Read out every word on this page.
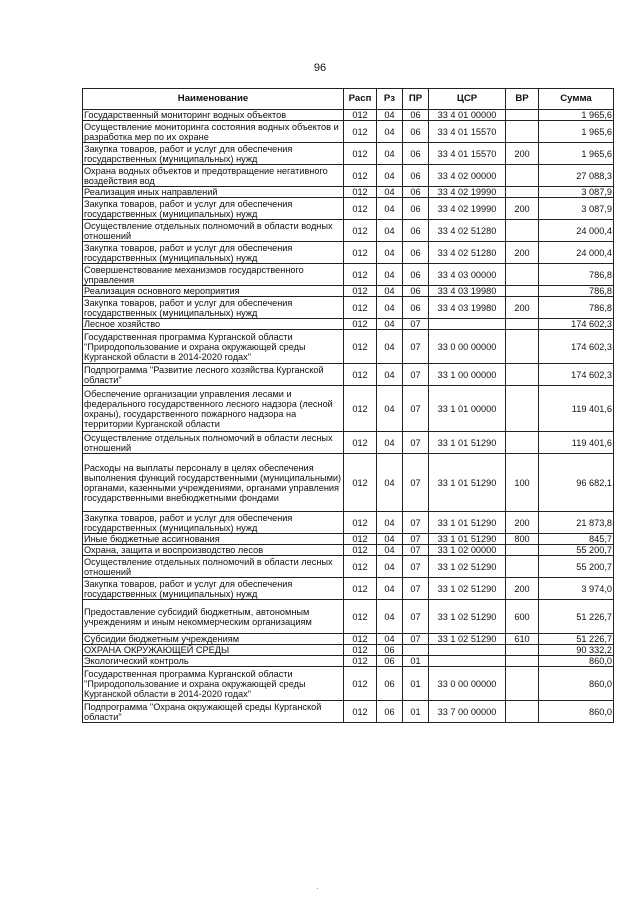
96
Наименование	Расп	Рз	ПР	ЦСР	ВР	Сумма
Государственный мониторинг водных объектов	012	04	06	33 4 01 00000		1 965,6
Осуществление мониторинга состояния водных объектов и разработка мер по их охране	012	04	06	33 4 01 15570		1 965,6
Закупка товаров, работ и услуг для обеспечения государственных (муниципальных) нужд	012	04	06	33 4 01 15570	200	1 965,6
Охрана водных объектов и предотвращение негативного воздействия вод	012	04	06	33 4 02 00000		27 088,3
Реализация иных направлений	012	04	06	33 4 02 19990		3 087,9
Закупка товаров, работ и услуг для обеспечения государственных (муниципальных) нужд	012	04	06	33 4 02 19990	200	3 087,9
Осуществление отдельных полномочий в области водных отношений	012	04	06	33 4 02 51280		24 000,4
Закупка товаров, работ и услуг для обеспечения государственных (муниципальных) нужд	012	04	06	33 4 02 51280	200	24 000,4
Совершенствование механизмов государственного управления	012	04	06	33 4 03 00000		786,8
Реализация основного мероприятия	012	04	06	33 4 03 19980		786,8
Закупка товаров, работ и услуг для обеспечения государственных (муниципальных) нужд	012	04	06	33 4 03 19980	200	786,8
Лесное хозяйство	012	04	07			174 602,3
Государственная программа Курганской области "Природопользование и охрана окружающей среды Курганской области в 2014-2020 годах"	012	04	07	33 0 00 00000		174 602,3
Подпрограмма "Развитие лесного хозяйства Курганской области"	012	04	07	33 1 00 00000		174 602,3
Обеспечение организации управления лесами и федерального государственного лесного надзора (лесной охраны), государственного пожарного надзора на территории Курганской области	012	04	07	33 1 01 00000		119 401,6
Осуществление отдельных полномочий в области лесных отношений	012	04	07	33 1 01 51290		119 401,6
Расходы на выплаты персоналу в целях обеспечения выполнения функций государственными (муниципальными) органами, казенными учреждениями, органами управления государственными внебюджетными фондами	012	04	07	33 1 01 51290	100	96 682,1
Закупка товаров, работ и услуг для обеспечения государственных (муниципальных) нужд	012	04	07	33 1 01 51290	200	21 873,8
Иные бюджетные ассигнования	012	04	07	33 1 01 51290	800	845,7
Охрана, защита и воспроизводство лесов	012	04	07	33 1 02 00000		55 200,7
Осуществление отдельных полномочий в области лесных отношений	012	04	07	33 1 02 51290		55 200,7
Закупка товаров, работ и услуг для обеспечения государственных (муниципальных) нужд	012	04	07	33 1 02 51290	200	3 974,0
Предоставление субсидий бюджетным, автономным учреждениям и иным некоммерческим организациям	012	04	07	33 1 02 51290	600	51 226,7
Субсидии бюджетным учреждениям	012	04	07	33 1 02 51290	610	51 226,7
ОХРАНА ОКРУЖАЮЩЕЙ СРЕДЫ	012	06				90 332,2
Экологический контроль	012	06	01			860,0
Государственная программа Курганской области "Природопользование и охрана окружающей среды Курганской области в 2014-2020 годах"	012	06	01	33 0 00 00000		860,0
Подпрограмма "Охрана окружающей среды Курганской области"	012	06	01	33 7 00 00000		860,0
·
